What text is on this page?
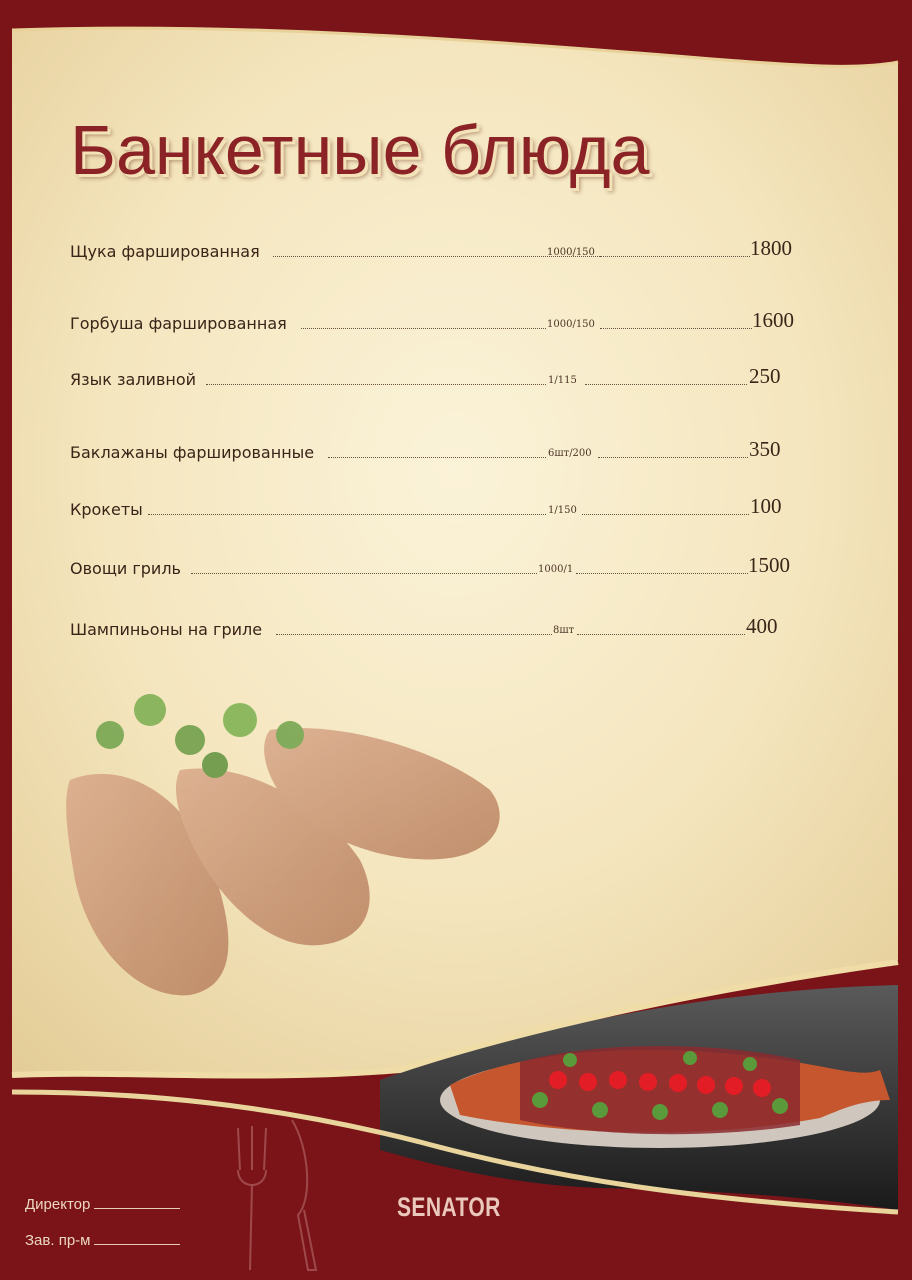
Банкетные блюда
Щука фаршированная	1000/150	1800
Горбуша фаршированная	1000/150	1600
Язык заливной	1/115	250
Баклажаны фаршированные	6шт/200	350
Крокеты	1/150	100
Овощи гриль	1000/1	1500
Шампиньоны на гриле	8шт	400
Директор
Зав. пр-м
SENATOR
